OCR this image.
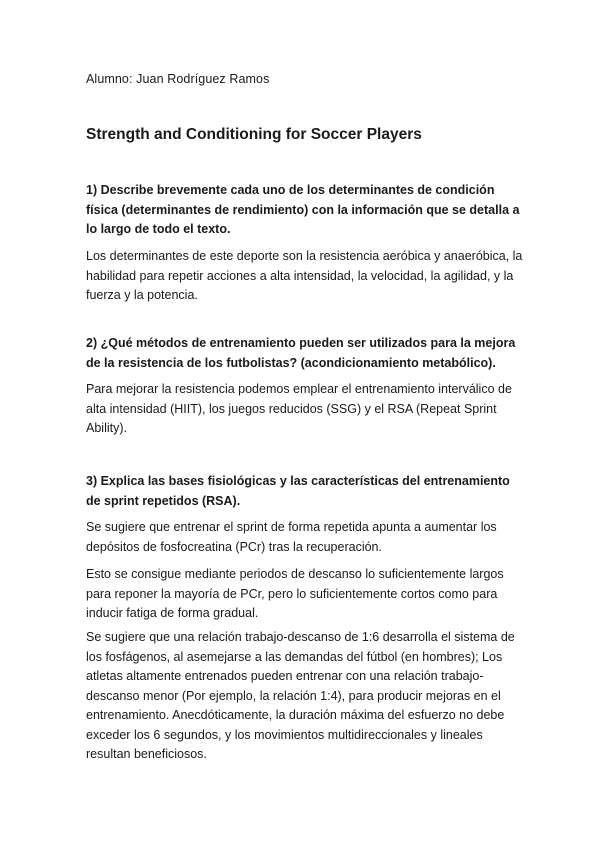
Alumno: Juan Rodríguez Ramos
Strength and Conditioning for Soccer Players

1) Describe brevemente cada uno de los determinantes de condición física (determinantes de rendimiento) con la información que se detalla a lo largo de todo el texto.

Los determinantes de este deporte son la resistencia aeróbica y anaeróbica, la habilidad para repetir acciones a alta intensidad, la velocidad, la agilidad, y la fuerza y la potencia.

2) ¿Qué métodos de entrenamiento pueden ser utilizados para la mejora de la resistencia de los futbolistas? (acondicionamiento metabólico).

Para mejorar la resistencia podemos emplear el entrenamiento interválico de alta intensidad (HIIT), los juegos reducidos (SSG) y el RSA (Repeat Sprint Ability).

3) Explica las bases fisiológicas y las características del entrenamiento de sprint repetidos (RSA).

Se sugiere que entrenar el sprint de forma repetida apunta a aumentar los depósitos de fosfocreatina (PCr) tras la recuperación.

Esto se consigue mediante periodos de descanso lo suficientemente largos para reponer la mayoría de PCr, pero lo suficientemente cortos como para inducir fatiga de forma gradual.

Se sugiere que una relación trabajo-descanso de 1:6 desarrolla el sistema de los fosfágenos, al asemejarse a las demandas del fútbol (en hombres); Los atletas altamente entrenados pueden entrenar con una relación trabajo-descanso menor (Por ejemplo, la relación 1:4), para producir mejoras en el entrenamiento. Anecdóticamente, la duración máxima del esfuerzo no debe exceder los 6 segundos, y los movimientos multidireccionales y lineales resultan beneficiosos.
